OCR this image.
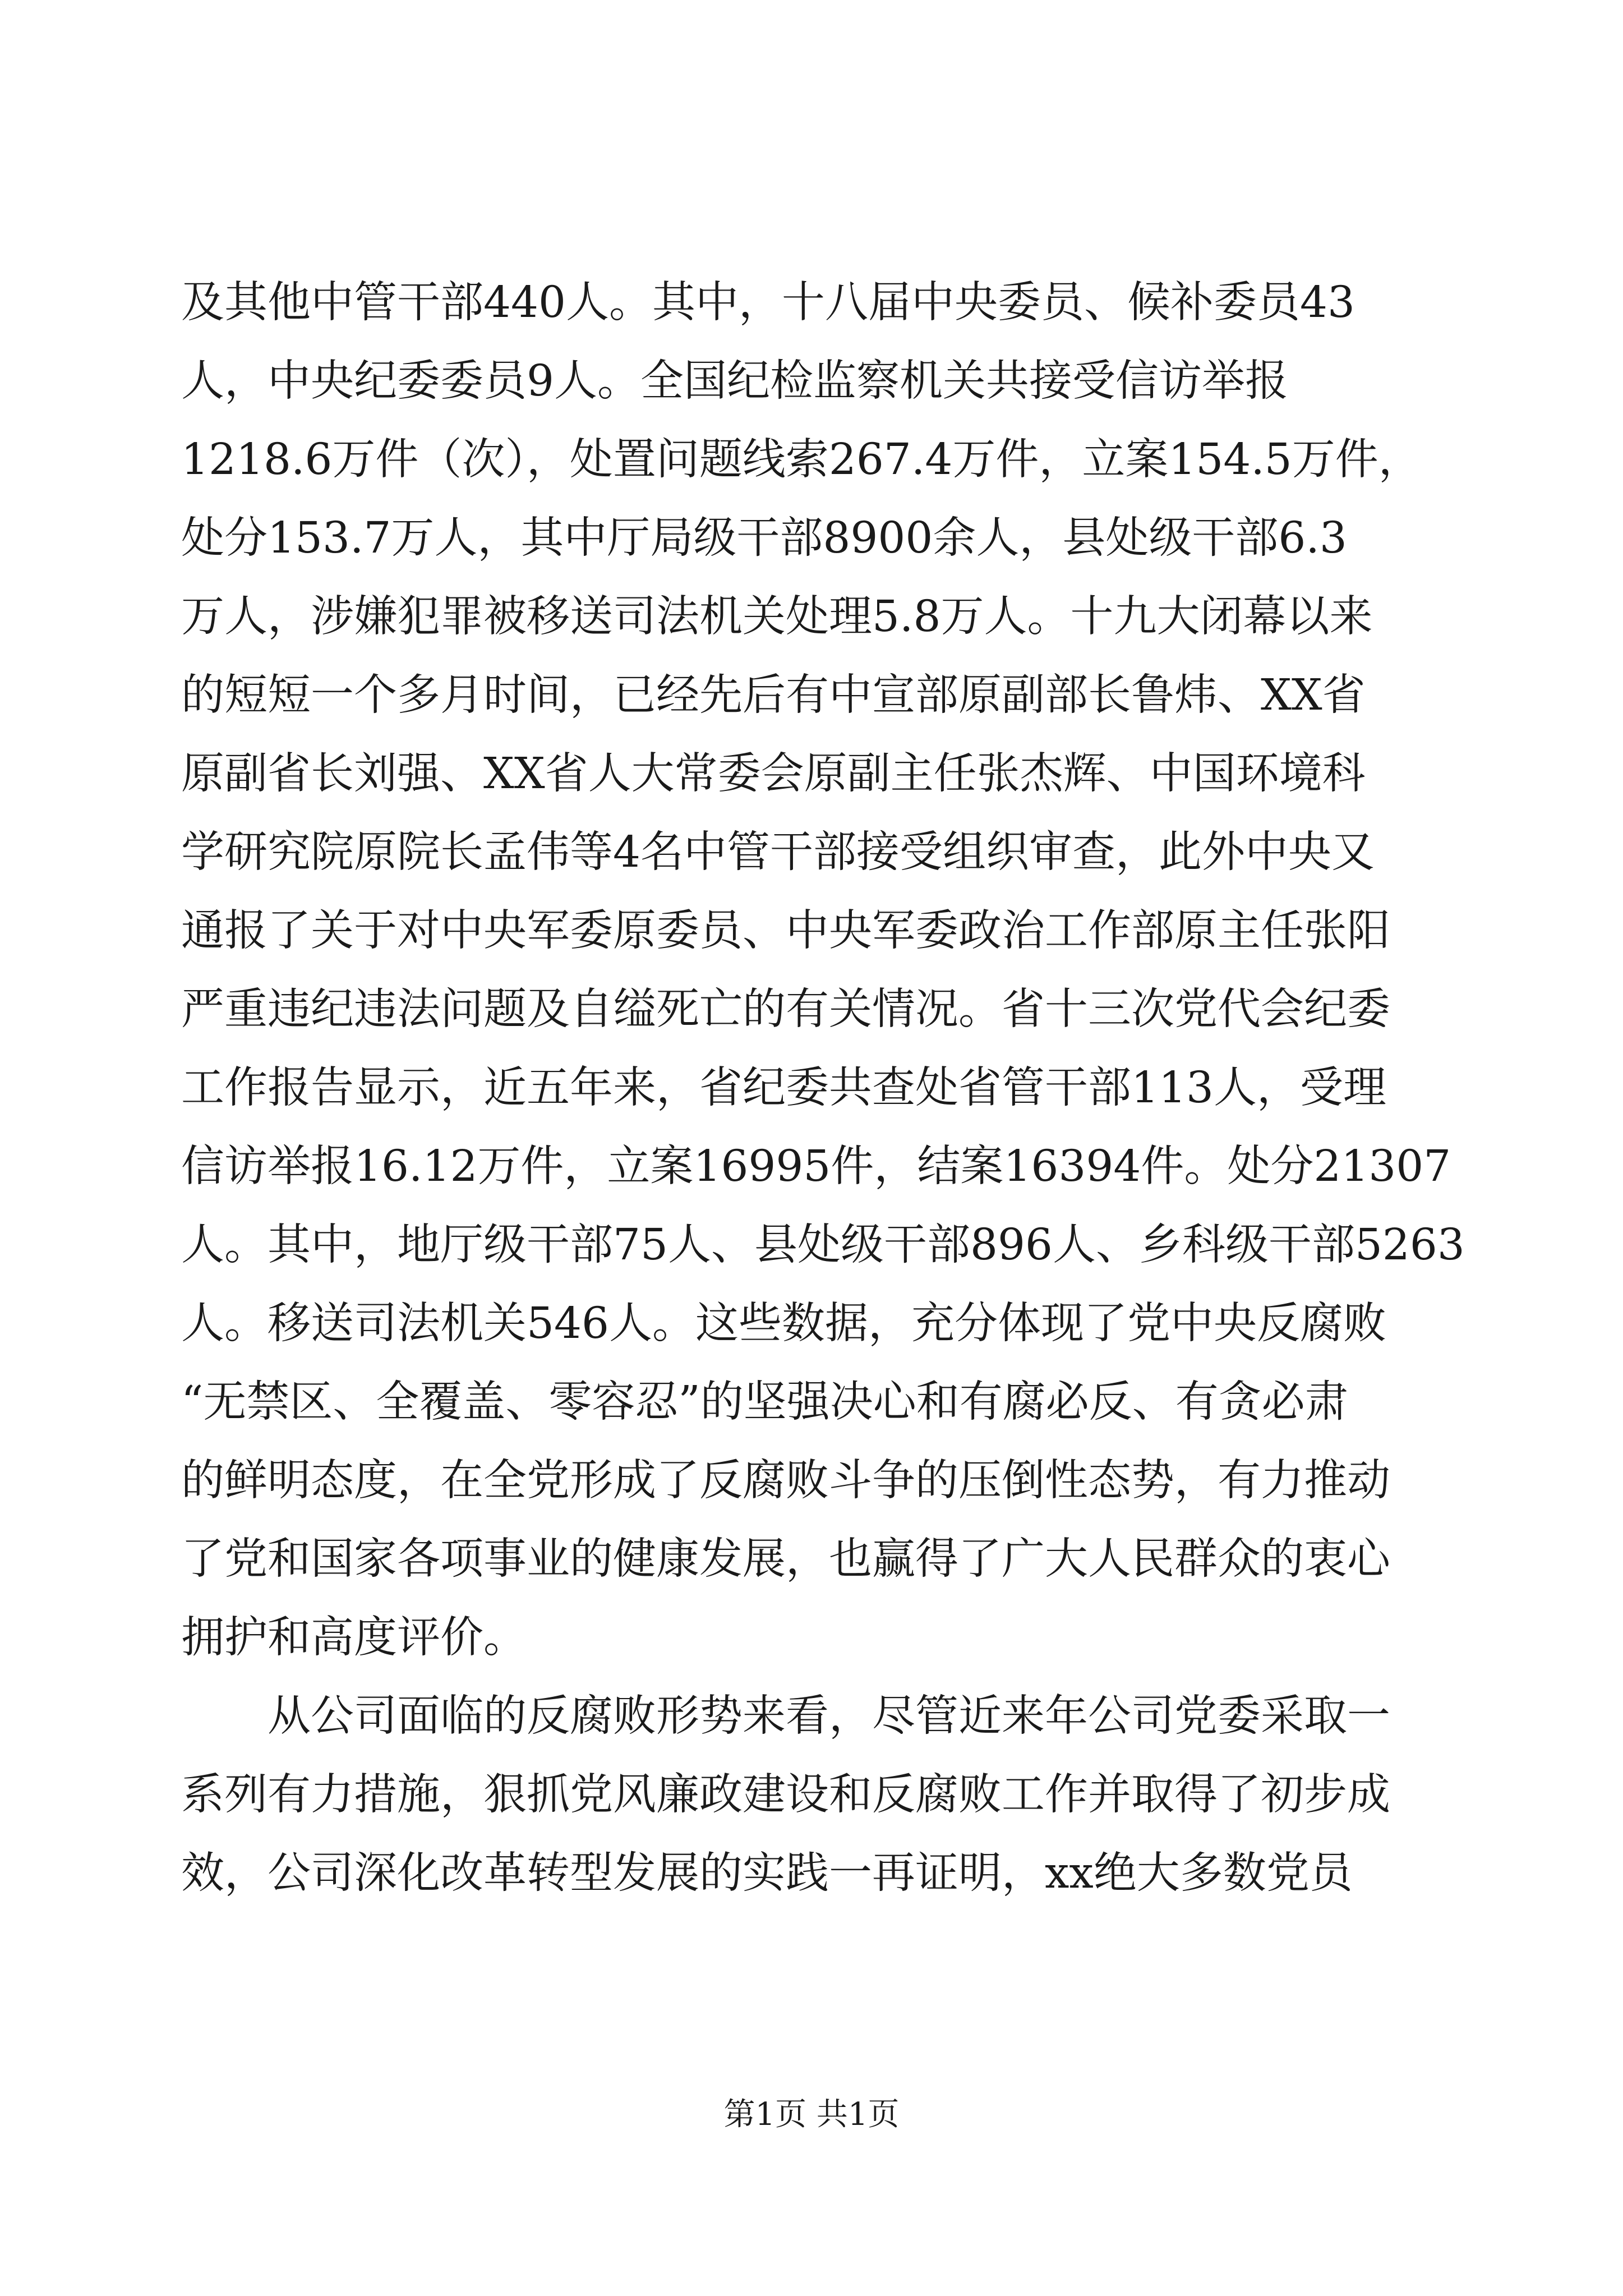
及其他中管干部440人。其中，十八届中央委员、候补委员43
人，中央纪委委员9人。全国纪检监察机关共接受信访举报
1218.6万件（次），处置问题线索267.4万件，立案154.5万件，
处分153.7万人，其中厅局级干部8900余人，县处级干部6.3
万人，涉嫌犯罪被移送司法机关处理5.8万人。十九大闭幕以来
的短短一个多月时间，已经先后有中宣部原副部长鲁炜、XX省
原副省长刘强、XX省人大常委会原副主任张杰辉、中国环境科
学研究院原院长孟伟等4名中管干部接受组织审查，此外中央又
通报了关于对中央军委原委员、中央军委政治工作部原主任张阳
严重违纪违法问题及自缢死亡的有关情况。省十三次党代会纪委
工作报告显示，近五年来，省纪委共查处省管干部113人，受理
信访举报16.12万件，立案16995件，结案16394件。处分21307
人。其中，地厅级干部75人、县处级干部896人、乡科级干部5263
人。移送司法机关546人。这些数据，充分体现了党中央反腐败
“无禁区、全覆盖、零容忍”的坚强决心和有腐必反、有贪必肃
的鲜明态度，在全党形成了反腐败斗争的压倒性态势，有力推动
了党和国家各项事业的健康发展，也赢得了广大人民群众的衷心
拥护和高度评价。
　　从公司面临的反腐败形势来看，尽管近来年公司党委采取一
系列有力措施，狠抓党风廉政建设和反腐败工作并取得了初步成
效，公司深化改革转型发展的实践一再证明，xx绝大多数党员
第1页 共1页
